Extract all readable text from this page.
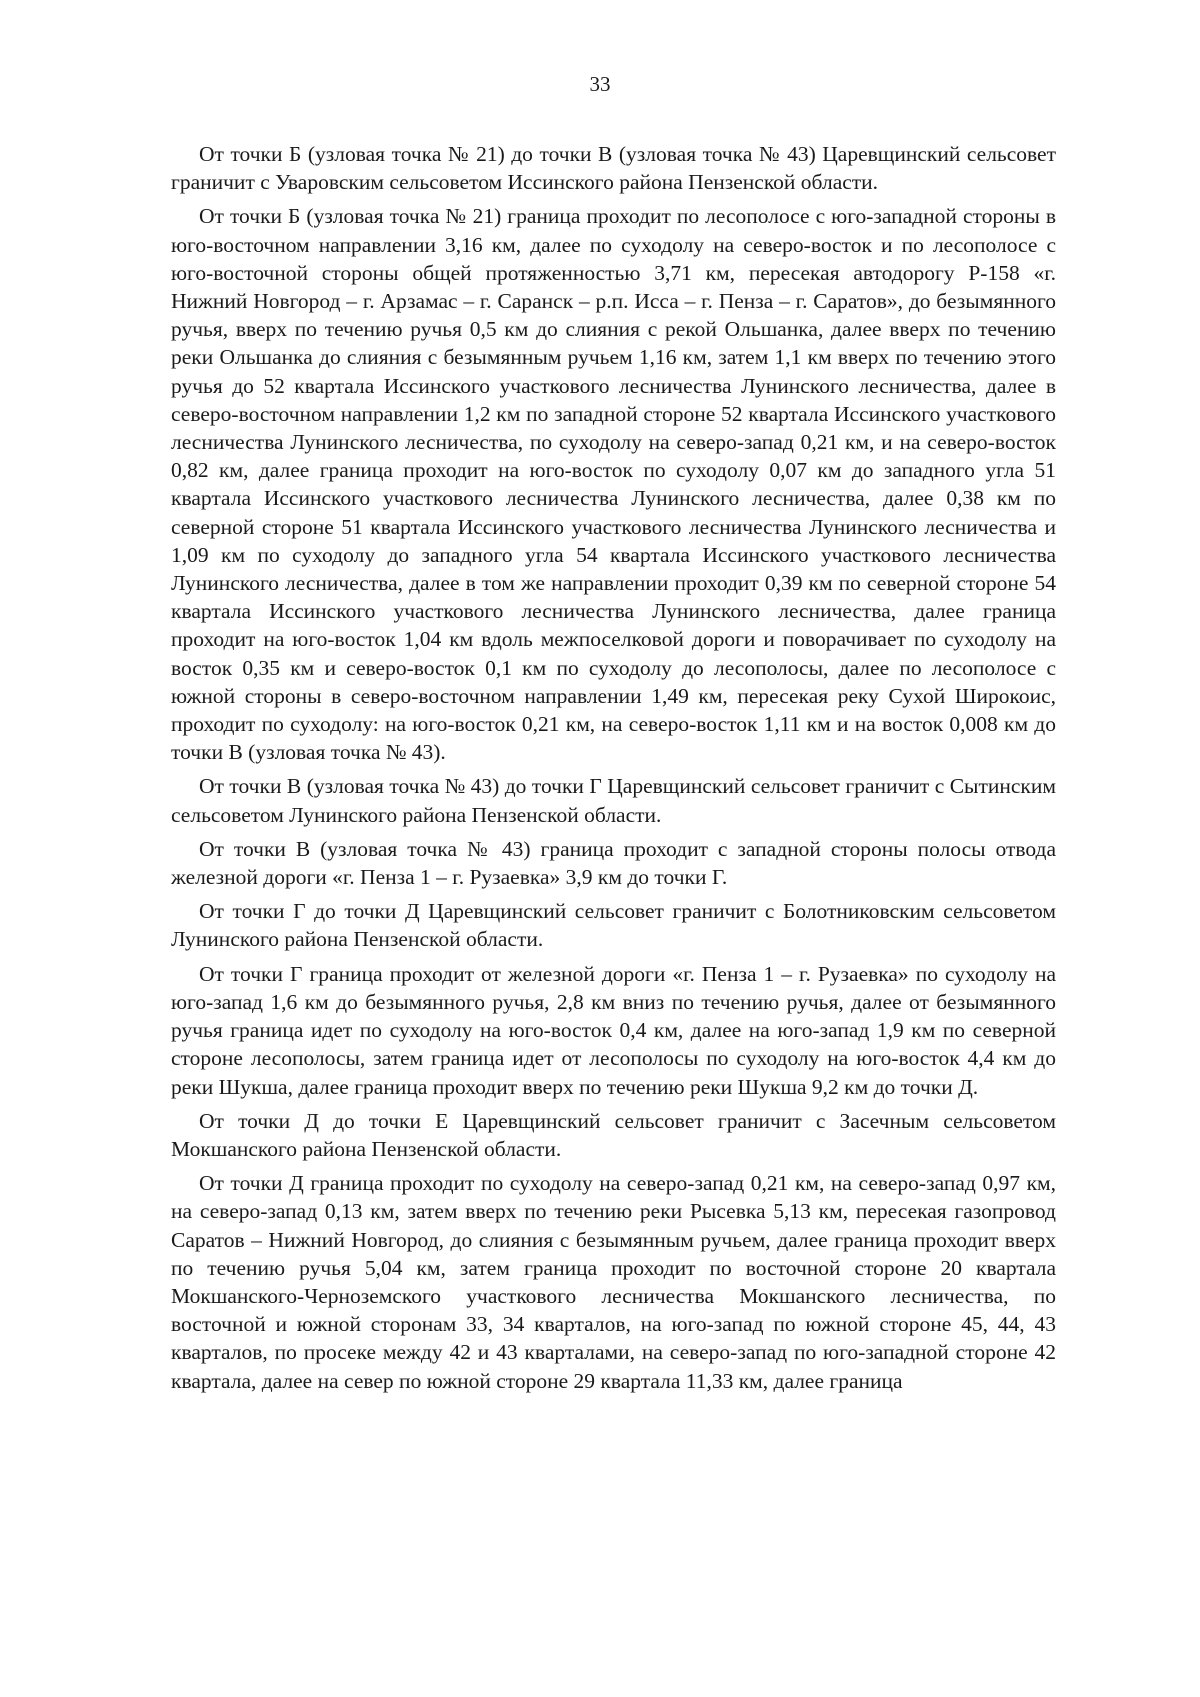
33

От точки Б (узловая точка № 21) до точки В (узловая точка № 43) Царевщинский сельсовет граничит с Уваровским сельсоветом Иссинского района Пензенской области.

От точки Б (узловая точка № 21) граница проходит по лесополосе с юго-западной стороны в юго-восточном направлении 3,16 км, далее по суходолу на северо-восток и по лесополосе с юго-восточной стороны общей протяженностью 3,71 км, пересекая автодорогу Р-158 «г. Нижний Новгород – г. Арзамас – г. Саранск – р.п. Исса – г. Пенза – г. Саратов», до безымянного ручья, вверх по течению ручья 0,5 км до слияния с рекой Ольшанка, далее вверх по течению реки Ольшанка до слияния с безымянным ручьем 1,16 км, затем 1,1 км вверх по течению этого ручья до 52 квартала Иссинского участкового лесничества Лунинского лесничества, далее в северо-восточном направлении 1,2 км по западной стороне 52 квартала Иссинского участкового лесничества Лунинского лесничества, по суходолу на северо-запад 0,21 км, и на северо-восток 0,82 км, далее граница проходит на юго-восток по суходолу 0,07 км до западного угла 51 квартала Иссинского участкового лесничества Лунинского лесничества, далее 0,38 км по северной стороне 51 квартала Иссинского участкового лесничества Лунинского лесничества и 1,09 км по суходолу до западного угла 54 квартала Иссинского участкового лесничества Лунинского лесничества, далее в том же направлении проходит 0,39 км по северной стороне 54 квартала Иссинского участкового лесничества Лунинского лесничества, далее граница проходит на юго-восток 1,04 км вдоль межпоселковой дороги и поворачивает по суходолу на восток 0,35 км и северо-восток 0,1 км по суходолу до лесополосы, далее по лесополосе с южной стороны в северо-восточном направлении 1,49 км, пересекая реку Сухой Широкоис, проходит по суходолу: на юго-восток 0,21 км, на северо-восток 1,11 км и на восток 0,008 км до точки В (узловая точка № 43).

От точки В (узловая точка № 43) до точки Г Царевщинский сельсовет граничит с Сытинским сельсоветом Лунинского района Пензенской области.

От точки В (узловая точка № 43) граница проходит с западной стороны полосы отвода железной дороги «г. Пенза 1 – г. Рузаевка» 3,9 км до точки Г.

От точки Г до точки Д Царевщинский сельсовет граничит с Болотниковским сельсоветом Лунинского района Пензенской области.

От точки Г граница проходит от железной дороги «г. Пенза 1 – г. Рузаевка» по суходолу на юго-запад 1,6 км до безымянного ручья, 2,8 км вниз по течению ручья, далее от безымянного ручья граница идет по суходолу на юго-восток 0,4 км, далее на юго-запад 1,9 км по северной стороне лесополосы, затем граница идет от лесополосы по суходолу на юго-восток 4,4 км до реки Шукша, далее граница проходит вверх по течению реки Шукша 9,2 км до точки Д.

От точки Д до точки Е Царевщинский сельсовет граничит с Засечным сельсоветом Мокшанского района Пензенской области.

От точки Д граница проходит по суходолу на северо-запад 0,21 км, на северо-запад 0,97 км, на северо-запад 0,13 км, затем вверх по течению реки Рысевка 5,13 км, пересекая газопровод Саратов – Нижний Новгород, до слияния с безымянным ручьем, далее граница проходит вверх по течению ручья 5,04 км, затем граница проходит по восточной стороне 20 квартала Мокшанского-Черноземского участкового лесничества Мокшанского лесничества, по восточной и южной сторонам 33, 34 кварталов, на юго-запад по южной стороне 45, 44, 43 кварталов, по просеке между 42 и 43 кварталами, на северо-запад по юго-западной стороне 42 квартала, далее на север по южной стороне 29 квартала 11,33 км, далее граница
